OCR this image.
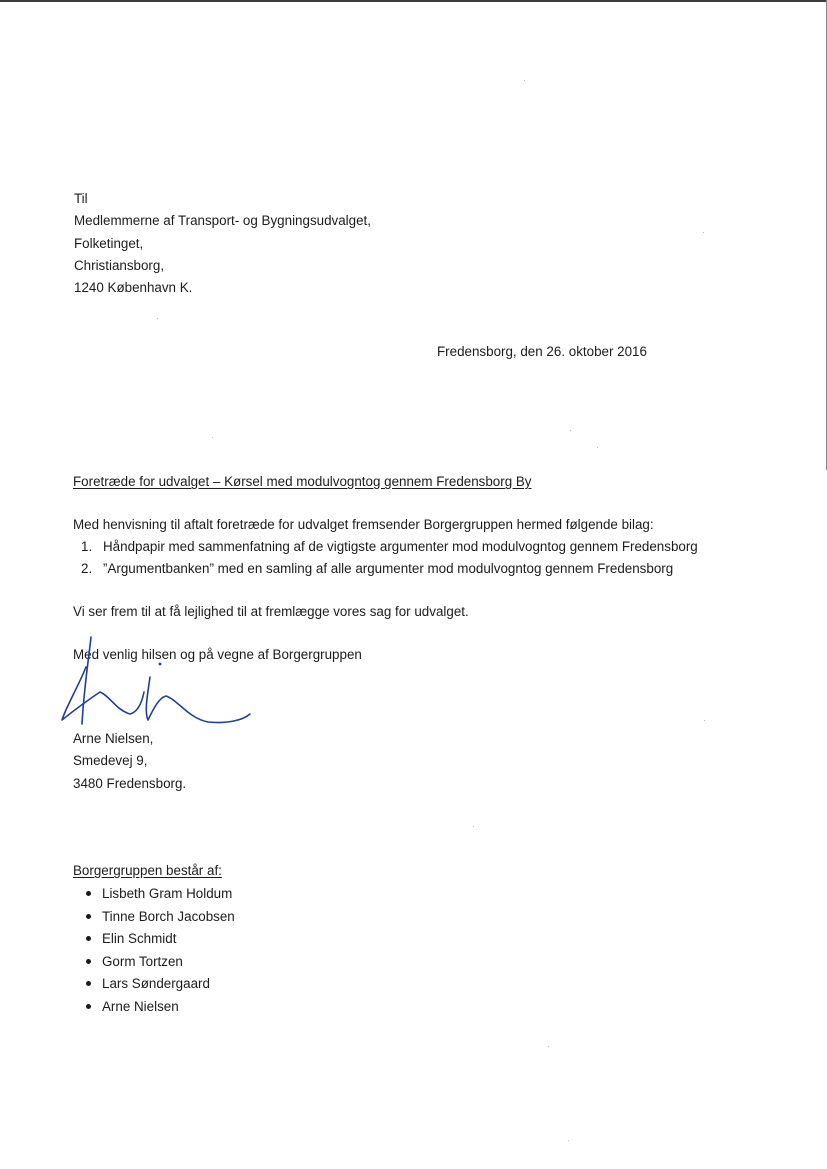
Til
Medlemmerne af Transport- og Bygningsudvalget,
Folketinget,
Christiansborg,
1240 København K.
Fredensborg, den 26. oktober 2016
Foretræde for udvalget – Kørsel med modulvogntog gennem Fredensborg By
Med henvisning til aftalt foretræde for udvalget fremsender Borgergruppen hermed følgende bilag:
1. Håndpapir med sammenfatning af de vigtigste argumenter mod modulvogntog gennem Fredensborg
2. ”Argumentbanken” med en samling af alle argumenter mod modulvogntog gennem Fredensborg
Vi ser frem til at få lejlighed til at fremlægge vores sag for udvalget.
Med venlig hilsen og på vegne af Borgergruppen
Arne Nielsen,
Smedevej 9,
3480 Fredensborg.
Borgergruppen består af:
Lisbeth Gram Holdum
Tinne Borch Jacobsen
Elin Schmidt
Gorm Tortzen
Lars Søndergaard
Arne Nielsen
